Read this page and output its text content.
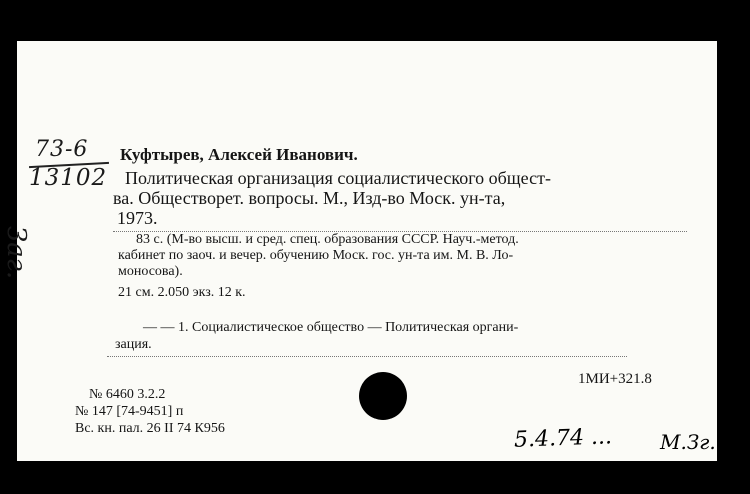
73-6
13102
Заг.
Куфтырев, Алексей Иванович.
Политическая организация социалистического общест-
ва. Обществорет. вопросы. М., Изд-во Моск. ун-та,
1973.
83 с. (М-во высш. и сред. спец. образования СССР. Науч.-метод.
кабинет по заоч. и вечер. обучению Моск. гос. ун-та им. М. В. Ло-
моносова).
21 см. 2.050 экз. 12 к.
— — 1. Социалистическое общество — Политическая органи-
зация.
1МИ+321.8
№ 6460 3.2.2
№ 147 [74-9451] п
Вс. кн. пал. 26 II 74 К956	5.4.74 ... М.Зг.
